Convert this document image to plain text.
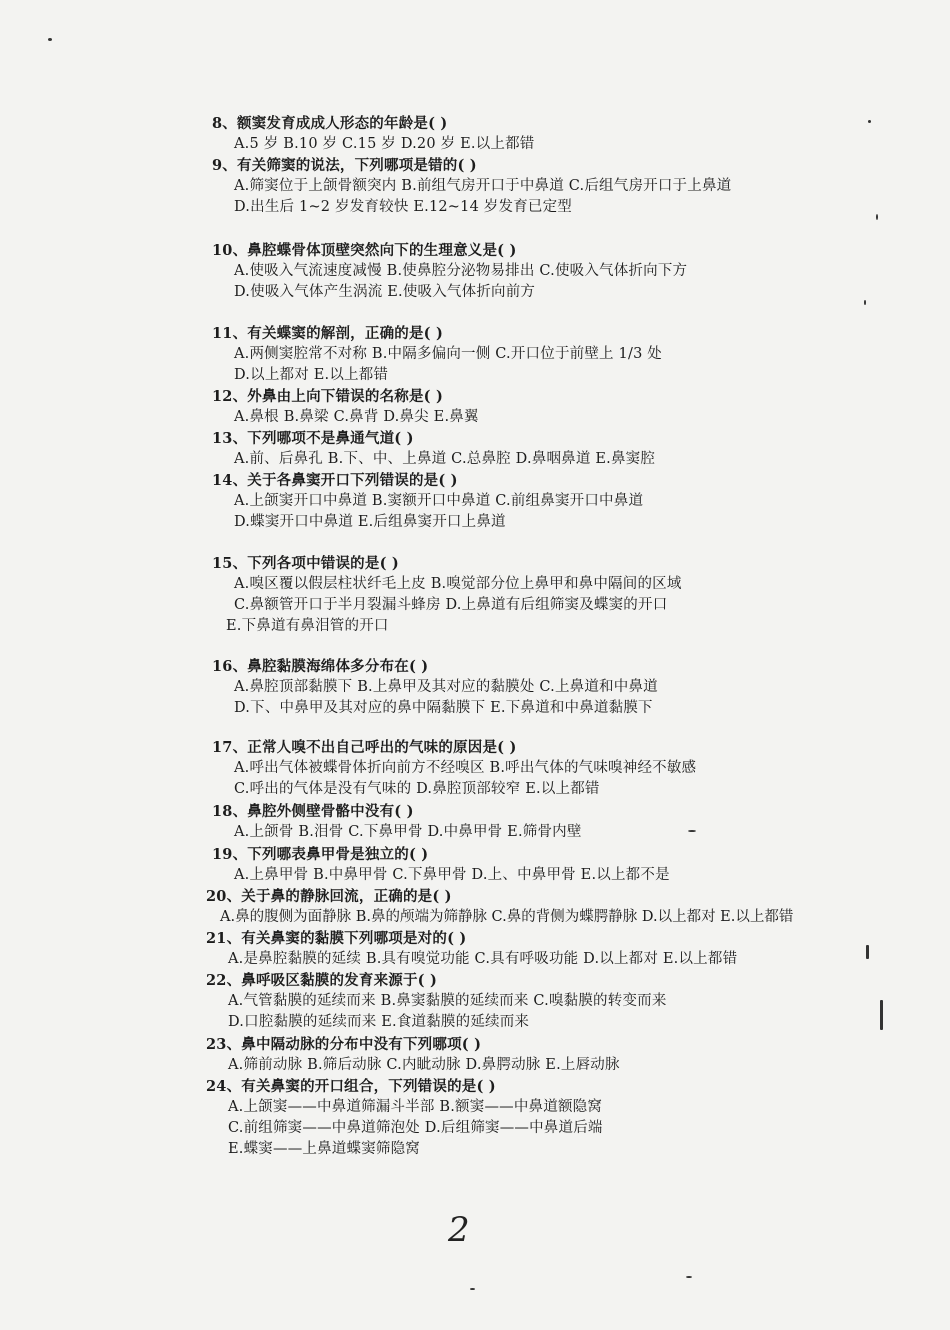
8、额窦发育成成人形态的年龄是( )
A.5 岁 B.10 岁 C.15 岁 D.20 岁 E.以上都错
9、有关筛窦的说法，下列哪项是错的( )
A.筛窦位于上颌骨额突内 B.前组气房开口于中鼻道 C.后组气房开口于上鼻道
D.出生后 1~2 岁发育较快 E.12~14 岁发育已定型
10、鼻腔蝶骨体顶壁突然向下的生理意义是( )
A.使吸入气流速度减慢 B.使鼻腔分泌物易排出 C.使吸入气体折向下方
D.使吸入气体产生涡流 E.使吸入气体折向前方
11、有关蝶窦的解剖，正确的是( )
A.两侧窦腔常不对称 B.中隔多偏向一侧 C.开口位于前壁上 1/3 处
D.以上都对 E.以上都错
12、外鼻由上向下错误的名称是( )
A.鼻根 B.鼻梁 C.鼻背 D.鼻尖 E.鼻翼
13、下列哪项不是鼻通气道( )
A.前、后鼻孔 B.下、中、上鼻道 C.总鼻腔 D.鼻咽鼻道 E.鼻窦腔
14、关于各鼻窦开口下列错误的是( )
A.上颌窦开口中鼻道 B.窦额开口中鼻道 C.前组鼻窦开口中鼻道
D.蝶窦开口中鼻道 E.后组鼻窦开口上鼻道
15、下列各项中错误的是( )
A.嗅区覆以假层柱状纤毛上皮 B.嗅觉部分位上鼻甲和鼻中隔间的区域
C.鼻额管开口于半月裂漏斗蜂房 D.上鼻道有后组筛窦及蝶窦的开口
E.下鼻道有鼻泪管的开口
16、鼻腔黏膜海绵体多分布在( )
A.鼻腔顶部黏膜下 B.上鼻甲及其对应的黏膜处 C.上鼻道和中鼻道
D.下、中鼻甲及其对应的鼻中隔黏膜下 E.下鼻道和中鼻道黏膜下
17、正常人嗅不出自己呼出的气味的原因是( )
A.呼出气体被蝶骨体折向前方不经嗅区 B.呼出气体的气味嗅神经不敏感
C.呼出的气体是没有气味的 D.鼻腔顶部较窄 E.以上都错
18、鼻腔外侧壁骨骼中没有( )
A.上颌骨 B.泪骨 C.下鼻甲骨 D.中鼻甲骨 E.筛骨内壁
19、下列哪表鼻甲骨是独立的( )
A.上鼻甲骨 B.中鼻甲骨 C.下鼻甲骨 D.上、中鼻甲骨 E.以上都不是
20、关于鼻的静脉回流，正确的是( )
A.鼻的腹侧为面静脉 B.鼻的颅端为筛静脉 C.鼻的背侧为蝶腭静脉 D.以上都对 E.以上都错
21、有关鼻窦的黏膜下列哪项是对的( )
A.是鼻腔黏膜的延续 B.具有嗅觉功能 C.具有呼吸功能 D.以上都对 E.以上都错
22、鼻呼吸区黏膜的发育来源于( )
A.气管黏膜的延续而来 B.鼻窦黏膜的延续而来 C.嗅黏膜的转变而来
D.口腔黏膜的延续而来 E.食道黏膜的延续而来
23、鼻中隔动脉的分布中没有下列哪项( )
A.筛前动脉 B.筛后动脉 C.内眦动脉 D.鼻腭动脉 E.上唇动脉
24、有关鼻窦的开口组合，下列错误的是( )
A.上颌窦——中鼻道筛漏斗半部 B.额窦——中鼻道额隐窝
C.前组筛窦——中鼻道筛泡处 D.后组筛窦——中鼻道后端
E.蝶窦——上鼻道蝶窦筛隐窝
2
